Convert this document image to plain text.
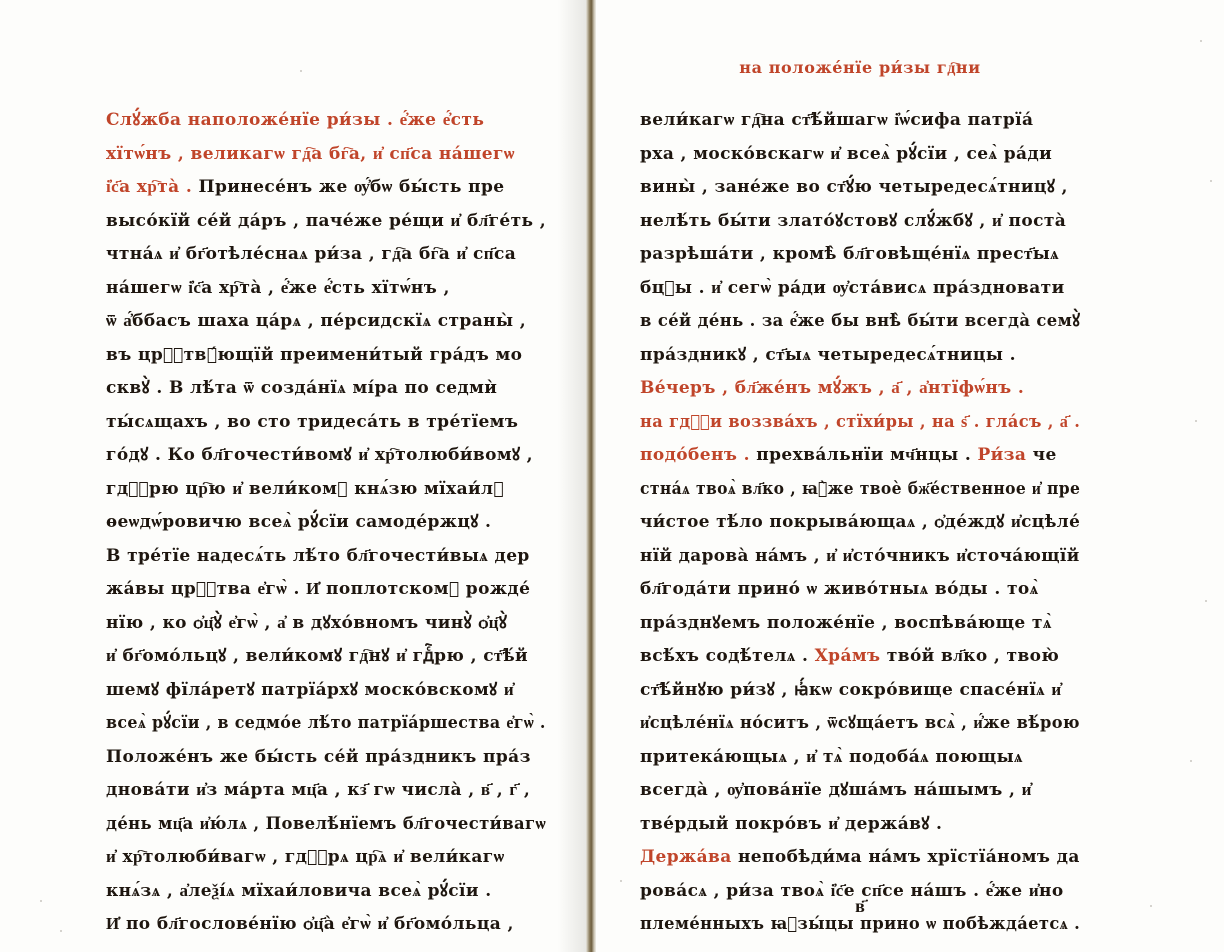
Слꙋ́жба наположе́нїе ри́зы . е҆́же е҆́сть
хїтѡ́нъ , великагѡ гд҇а бг҇а, и҆ сп҃са на́шегѡ
і҆с҃а хр҇та̀ . Принесе́нъ же ѹ҆́бѡ бы́сть пре
высо́кїй се́й да́ръ , паче́же ре́щи и҆ бл҃ге́ть ,
чтна́ѧ и҆ бг҃отѣле́снаѧ ри́за , гд҇а бг҇а и҆ сп҃са
на́шегѡ і҆с҃а хр҇та̀ , е҆́же е҆́сть хїтѡ́нъ ,
ѿ а҆́ббасъ шаха ца́рѧ , пе́рсидскїѧ страны̀ ,
въ црⷭ҇твꙋ́ющїй преимени́тый гра́дъ мо
сквꙋ̀ . В лѣ́та ѿ созда́нїѧ мі́ра по седмѝ
ты́сѧщахъ , во сто тридеса́ть в тре́тїемъ
го́дꙋ . Ко бл҃гочести́вомꙋ и҆ хр҇толюби́вомꙋ ,
гдⷭ҇рю цр҇ю и҆ вели́комꙋ кнѧ́зю мїхаи́лꙋ
ѳеѡдѡ́ровичю всеѧ̀ рꙋ́сїи самоде́ржцꙋ .
В тре́тїе надесѧ́ть лѣ́то бл҃гочести́выѧ дер
жа́вы црⷭ҇тва е҆гѡ̀ . И҆ поплотскомꙋ рожде́
нїю , ко ѻ҆ц҃ꙋ̀ е҆гѡ̀ , а҆ в дꙋхо́вномъ чинꙋ̀ ѻ҆ц҃ꙋ̀
и҆ бг҃омо́льцꙋ , вели́комꙋ гд҇нꙋ и҆ гдⷭ҇рю , ст҃ѣ́й
шемꙋ фїла́ретꙋ патрїа́рхꙋ моско́вскомꙋ и҆
всеѧ̀ рꙋ́сїи , в седмо́е лѣ́то патрїа́ршества е҆гѡ̀ .
Положе́нъ же бы́сть се́й пра́здникъ пра́з
днова́ти и҆з ма́рта мц҃а , кз҃ гѡ числа̀ , в҃ , г҃ ,
де́нь мц҃а и҆ю́лѧ , Повелѣ́нїемъ бл҃гочести́вагѡ
и҆ хр҇толюби́вагѡ , гдⷭ҇рѧ цр҇ѧ и҆ вели́кагѡ
кнѧ́зѧ , а҆леѯі́ѧ мїхаи́ловича всеѧ̀ рꙋ́сїи .
И҆ по бл҃гослове́нїю ѻ҆ц҃а̀ е҆гѡ̀ и҆ бг҃омо́льца ,
на положе́нїе ри́зы гд҇ни
вели́кагѡ гд҇на ст҃ѣ́йшагѡ і҆ѡ́сифа патрїа́
рха , моско́вскагѡ и҆ всеѧ̀ рꙋ́сїи , сеѧ̀ ра́ди
вины̀ , зане́же во ст҃ꙋ́ю четыредесѧ́тницꙋ ,
нелѣ́ть бы́ти злато́ꙋстовꙋ слꙋ́жбꙋ , и҆ поста̀
разрѣша́ти , кромѣ̀ бл҃говѣще́нїѧ прест҃ыѧ
бцⷣы . и҆ сегѡ̀ ра́ди ѹ҆ста́висѧ пра́здновати
в се́й де́нь . за е҆́же бы внѣ̀ бы́ти всегда̀ семꙋ̀
пра́здникꙋ , ст҃ыѧ четыредесѧ́тницы .
Ве́черъ , бл҃же́нъ мꙋ́жъ , а҃ , а҆нтїфѡ́нъ .
на гдⷭ҇и воззва́хъ , стїхи́ры , на ѕ҃ . гла́съ , а҃ .
подо́бенъ . прехва́льнїи мч҃нцы . Ри́за че
стна́ѧ твоѧ̀ вл҃ко , ꙗ҆̀же твоѐ бж҃е́ственное и҆ пре
чи́стое тѣ́ло покрыва́ющаѧ , ѻ҆де́ждꙋ и҆сцѣле́
нїй дарова̀ на́мъ , и҆ и҆сто́чникъ и҆сточа́ющїй
бл҃года́ти прино́ ѡ живо́тныѧ во́ды . тоѧ̀
пра́зднꙋемъ положе́нїе , воспѣва́юще тѧ̀
всѣ́хъ содѣ́телѧ . Хра́мъ тво́й вл҃ко , твою̀
ст҃ѣ́йнꙋю ри́зꙋ , ꙗ҆́кѡ сокро́вище спасе́нїѧ и҆
и҆сцѣле́нїѧ но́ситъ , ѿсꙋща́етъ всѧ̀ , и҆́же вѣ́рою
притека́ющыѧ , и҆ тѧ̀ подоба́ѧ поющыѧ
всегда̀ , ѹ҆пова́нїе дꙋша́мъ на́шымъ , и҆
тве́рдый покро́въ и҆ держа́вꙋ .
Держа́ва непобѣди́ма на́мъ хрїстїа́номъ да
рова́сѧ , ри́за твоѧ̀ і҆с҃е сп҃се на́шъ . е҆́же и҆но
племе́нныхъ ꙗ҆зы́цы прино ѡ побѣжда́етсѧ .
в҃
